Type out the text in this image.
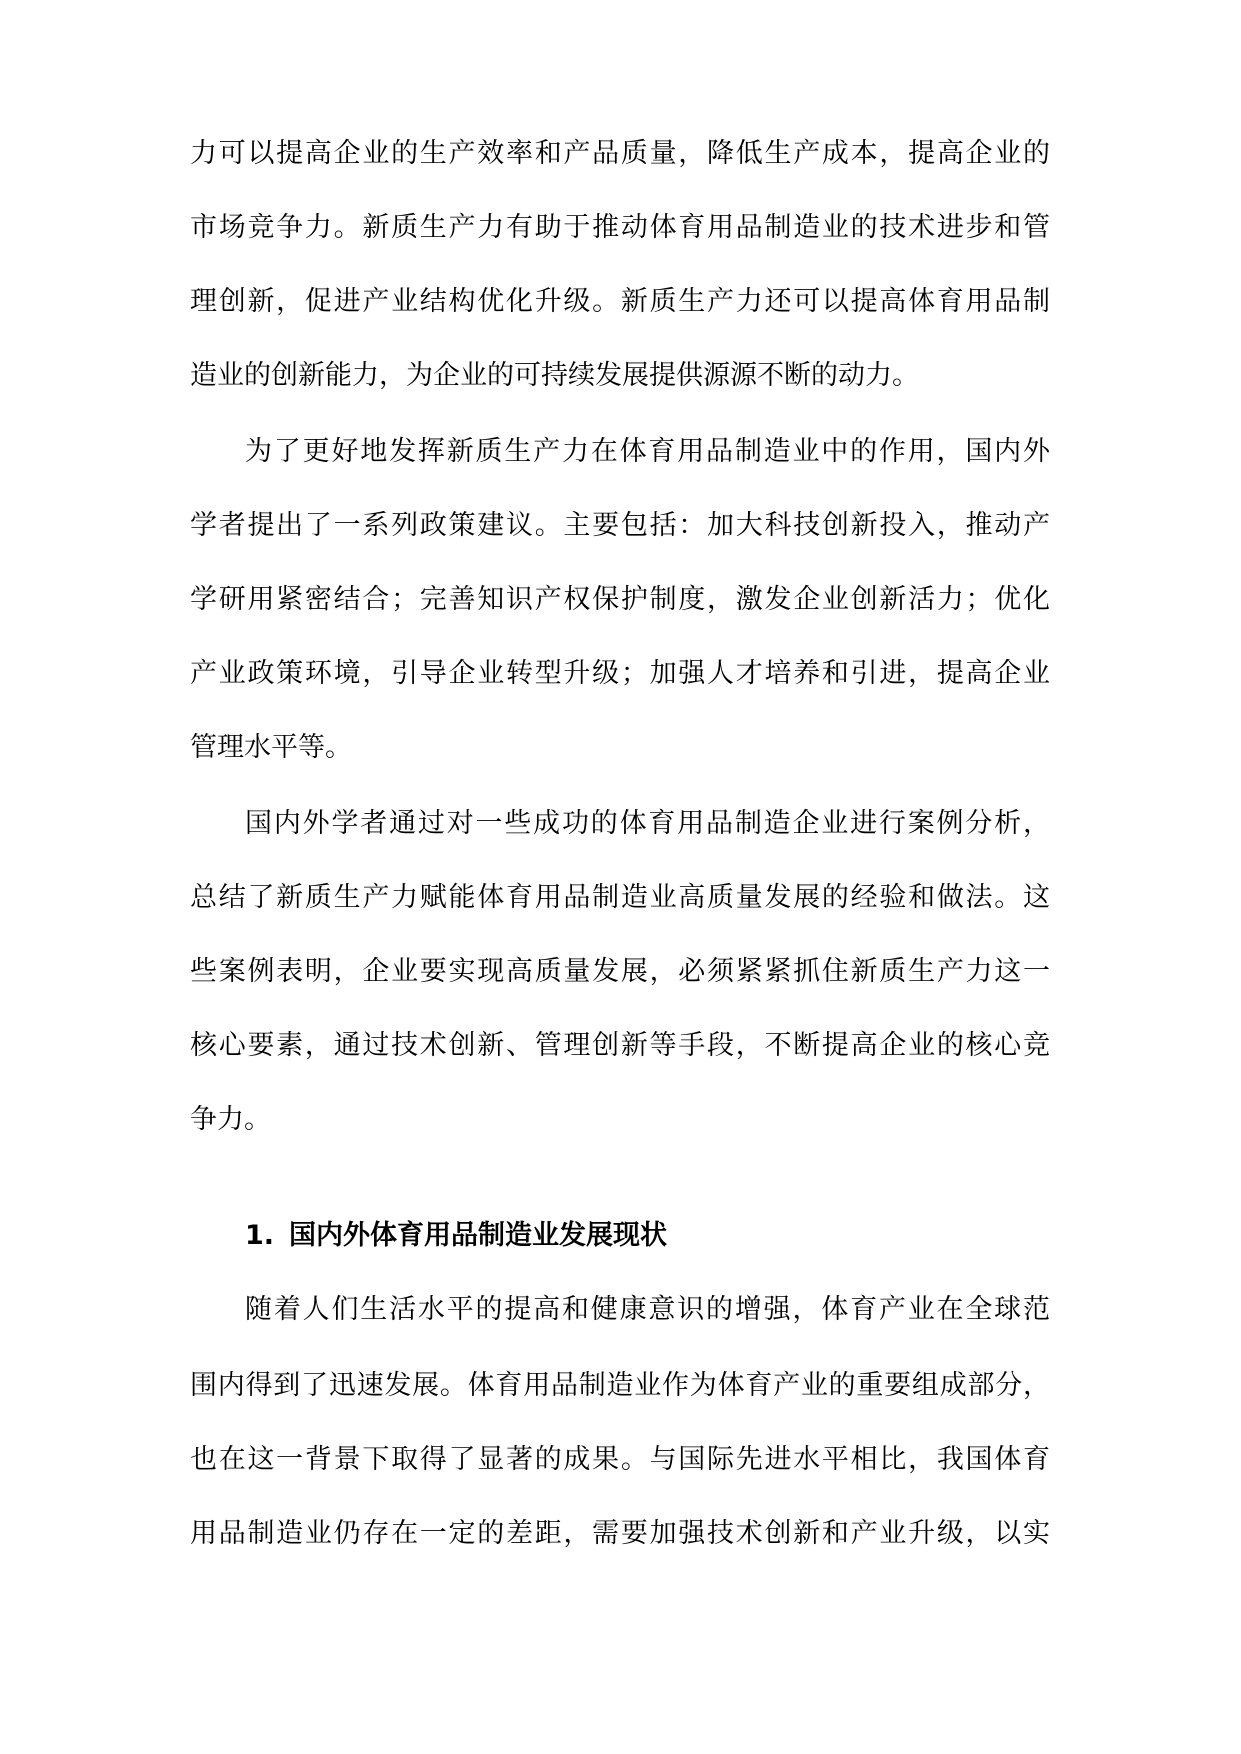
力可以提高企业的生产效率和产品质量，降低生产成本，提高企业的
市场竞争力。新质生产力有助于推动体育用品制造业的技术进步和管
理创新，促进产业结构优化升级。新质生产力还可以提高体育用品制
造业的创新能力，为企业的可持续发展提供源源不断的动力。
为了更好地发挥新质生产力在体育用品制造业中的作用，国内外
学者提出了一系列政策建议。主要包括：加大科技创新投入，推动产
学研用紧密结合；完善知识产权保护制度，激发企业创新活力；优化
产业政策环境，引导企业转型升级；加强人才培养和引进，提高企业
管理水平等。
国内外学者通过对一些成功的体育用品制造企业进行案例分析，
总结了新质生产力赋能体育用品制造业高质量发展的经验和做法。这
些案例表明，企业要实现高质量发展，必须紧紧抓住新质生产力这一
核心要素，通过技术创新、管理创新等手段，不断提高企业的核心竞
争力。
1. 国内外体育用品制造业发展现状
随着人们生活水平的提高和健康意识的增强，体育产业在全球范
围内得到了迅速发展。体育用品制造业作为体育产业的重要组成部分，
也在这一背景下取得了显著的成果。与国际先进水平相比，我国体育
用品制造业仍存在一定的差距，需要加强技术创新和产业升级，以实
